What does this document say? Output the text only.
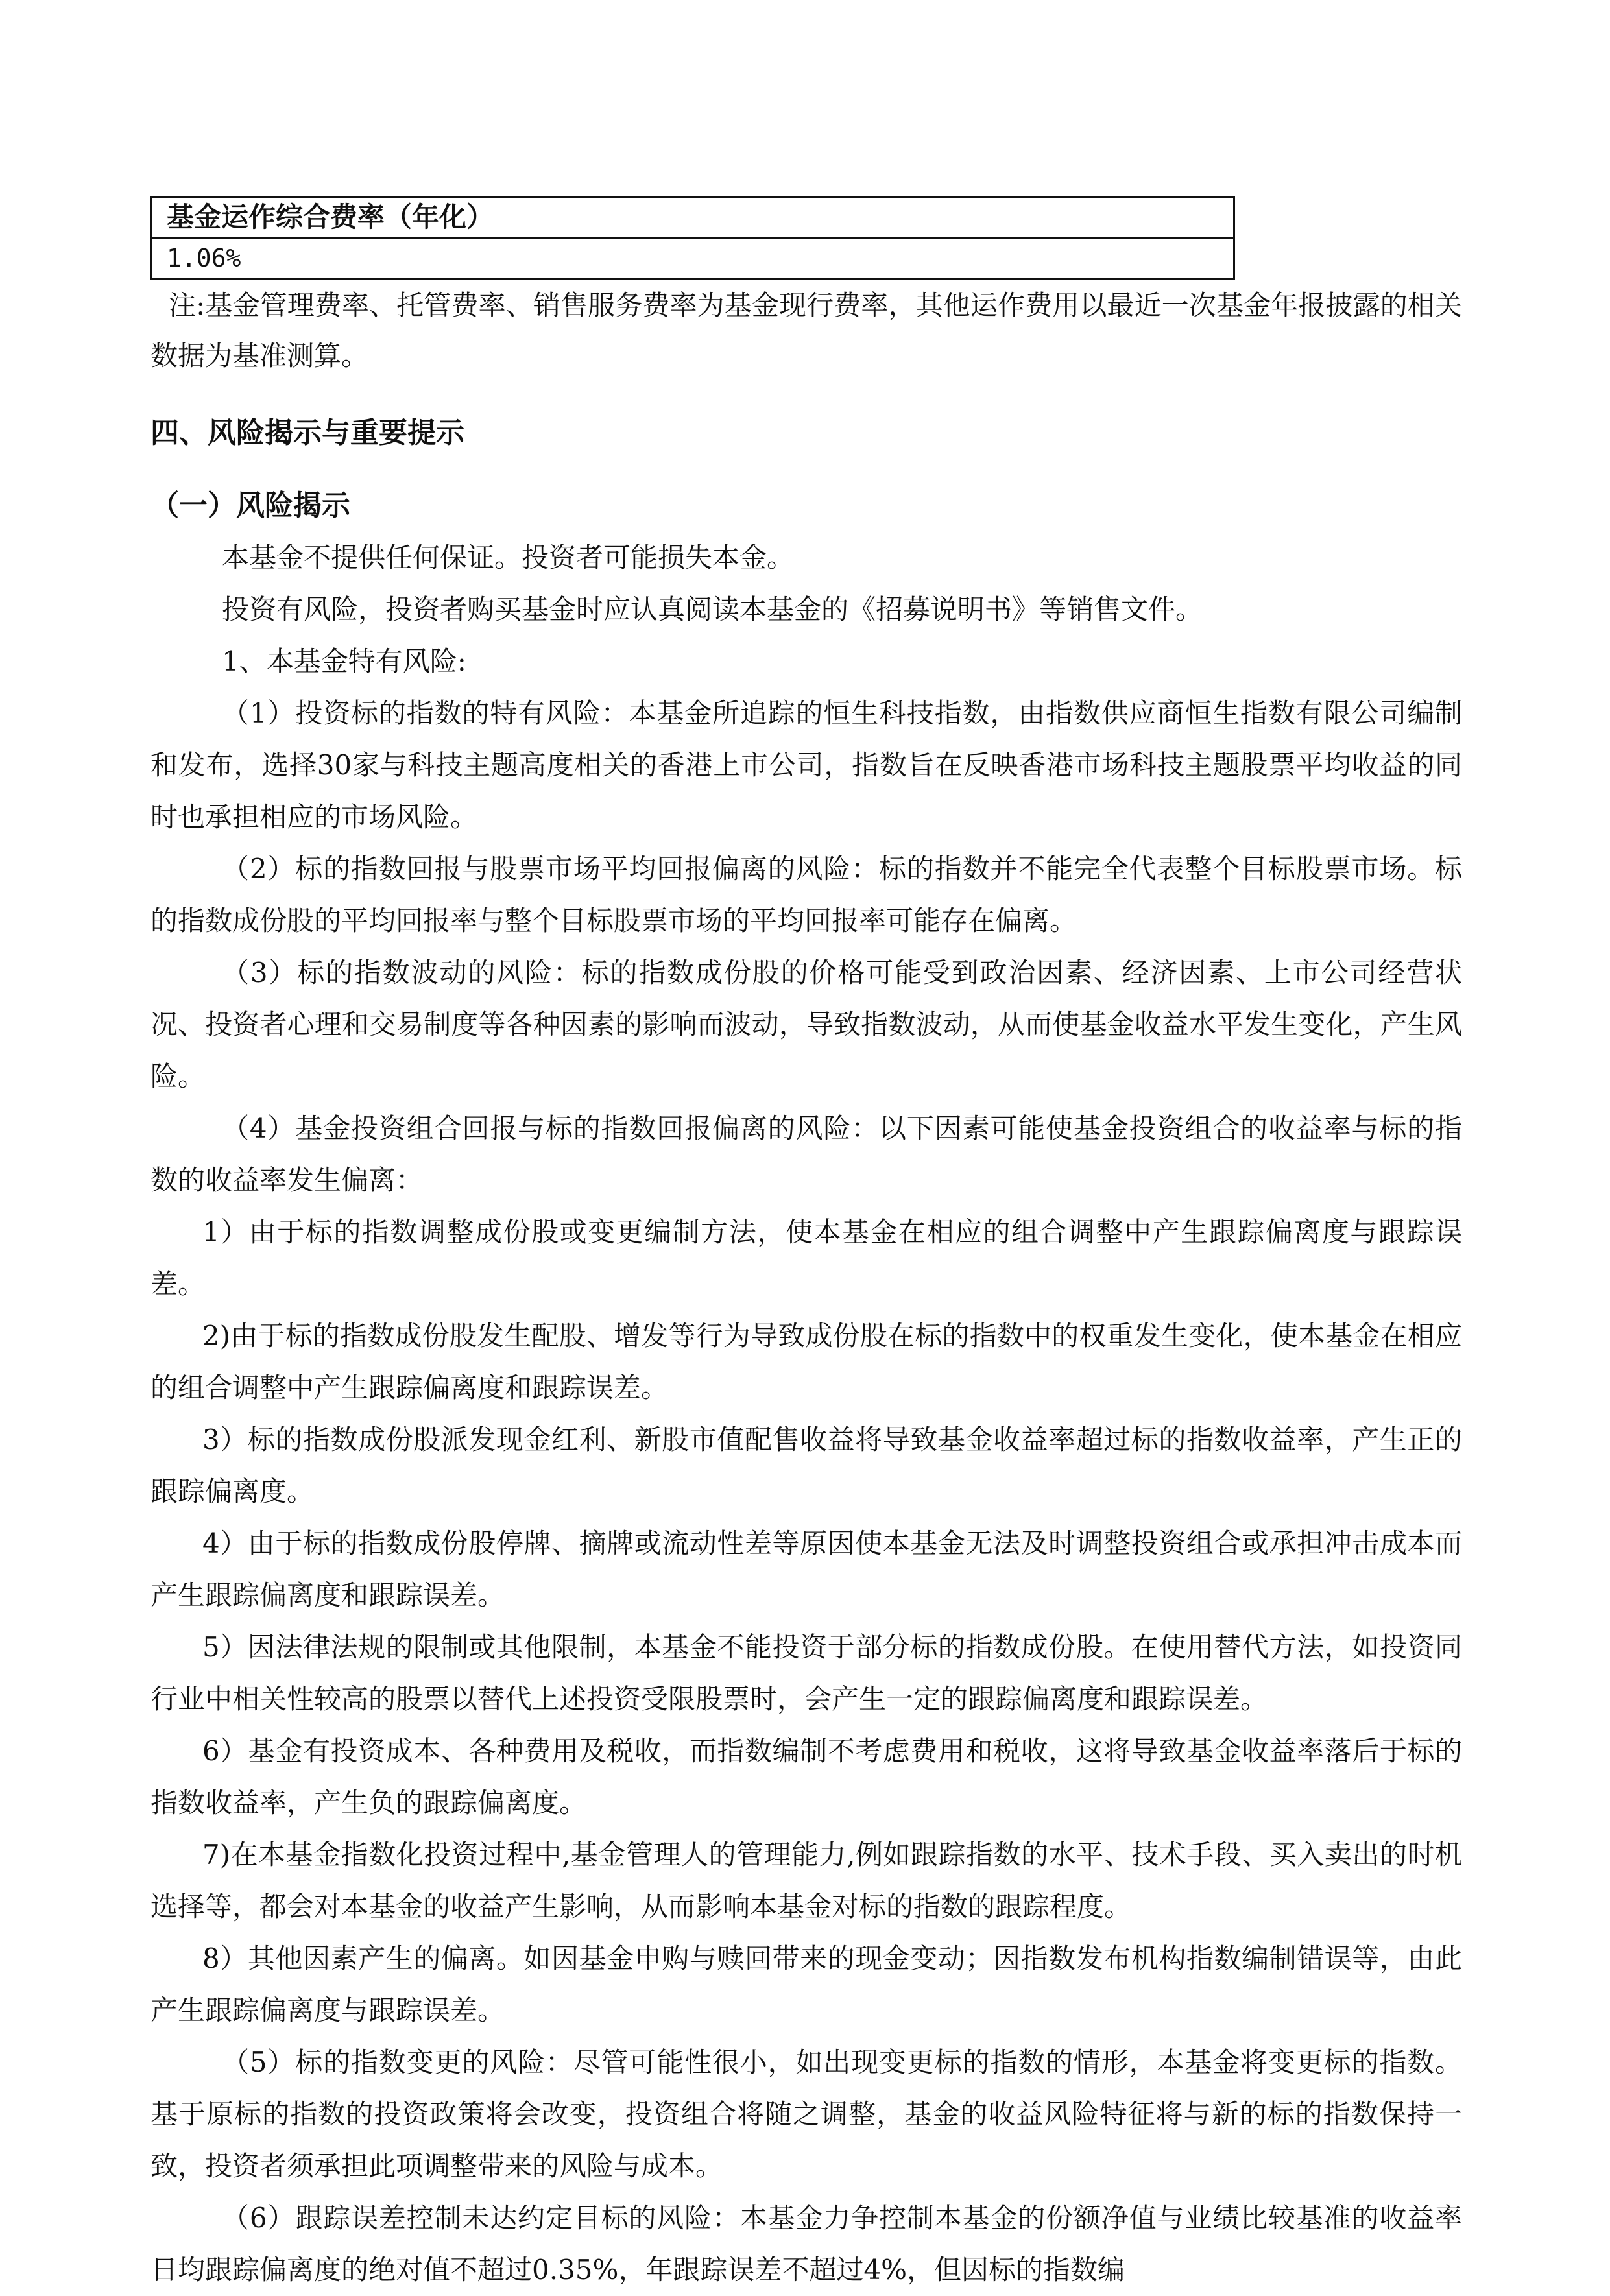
基金运作综合费率（年化）
1.06%

注:基金管理费率、托管费率、销售服务费率为基金现行费率，其他运作费用以最近一次基金年报披露的相关数据为基准测算。

四、风险揭示与重要提示
（一）风险揭示

本基金不提供任何保证。投资者可能损失本金。

投资有风险，投资者购买基金时应认真阅读本基金的《招募说明书》等销售文件。

1、本基金特有风险:

（1）投资标的指数的特有风险：本基金所追踪的恒生科技指数，由指数供应商恒生指数有限公司编制和发布，选择30家与科技主题高度相关的香港上市公司，指数旨在反映香港市场科技主题股票平均收益的同时也承担相应的市场风险。

（2）标的指数回报与股票市场平均回报偏离的风险：标的指数并不能完全代表整个目标股票市场。标的指数成份股的平均回报率与整个目标股票市场的平均回报率可能存在偏离。

（3）标的指数波动的风险：标的指数成份股的价格可能受到政治因素、经济因素、上市公司经营状况、投资者心理和交易制度等各种因素的影响而波动，导致指数波动，从而使基金收益水平发生变化，产生风险。

（4）基金投资组合回报与标的指数回报偏离的风险：以下因素可能使基金投资组合的收益率与标的指数的收益率发生偏离：

1）由于标的指数调整成份股或变更编制方法，使本基金在相应的组合调整中产生跟踪偏离度与跟踪误差。

2)由于标的指数成份股发生配股、增发等行为导致成份股在标的指数中的权重发生变化，使本基金在相应的组合调整中产生跟踪偏离度和跟踪误差。

3）标的指数成份股派发现金红利、新股市值配售收益将导致基金收益率超过标的指数收益率，产生正的跟踪偏离度。

4）由于标的指数成份股停牌、摘牌或流动性差等原因使本基金无法及时调整投资组合或承担冲击成本而产生跟踪偏离度和跟踪误差。

5）因法律法规的限制或其他限制，本基金不能投资于部分标的指数成份股。在使用替代方法，如投资同行业中相关性较高的股票以替代上述投资受限股票时，会产生一定的跟踪偏离度和跟踪误差。

6）基金有投资成本、各种费用及税收，而指数编制不考虑费用和税收，这将导致基金收益率落后于标的指数收益率，产生负的跟踪偏离度。

7)在本基金指数化投资过程中,基金管理人的管理能力,例如跟踪指数的水平、技术手段、买入卖出的时机选择等，都会对本基金的收益产生影响，从而影响本基金对标的指数的跟踪程度。

8）其他因素产生的偏离。如因基金申购与赎回带来的现金变动；因指数发布机构指数编制错误等，由此产生跟踪偏离度与跟踪误差。

（5）标的指数变更的风险：尽管可能性很小，如出现变更标的指数的情形，本基金将变更标的指数。基于原标的指数的投资政策将会改变，投资组合将随之调整，基金的收益风险特征将与新的标的指数保持一致，投资者须承担此项调整带来的风险与成本。

（6）跟踪误差控制未达约定目标的风险：本基金力争控制本基金的份额净值与业绩比较基准的收益率日均跟踪偏离度的绝对值不超过0.35%，年跟踪误差不超过4%，但因标的指数编
